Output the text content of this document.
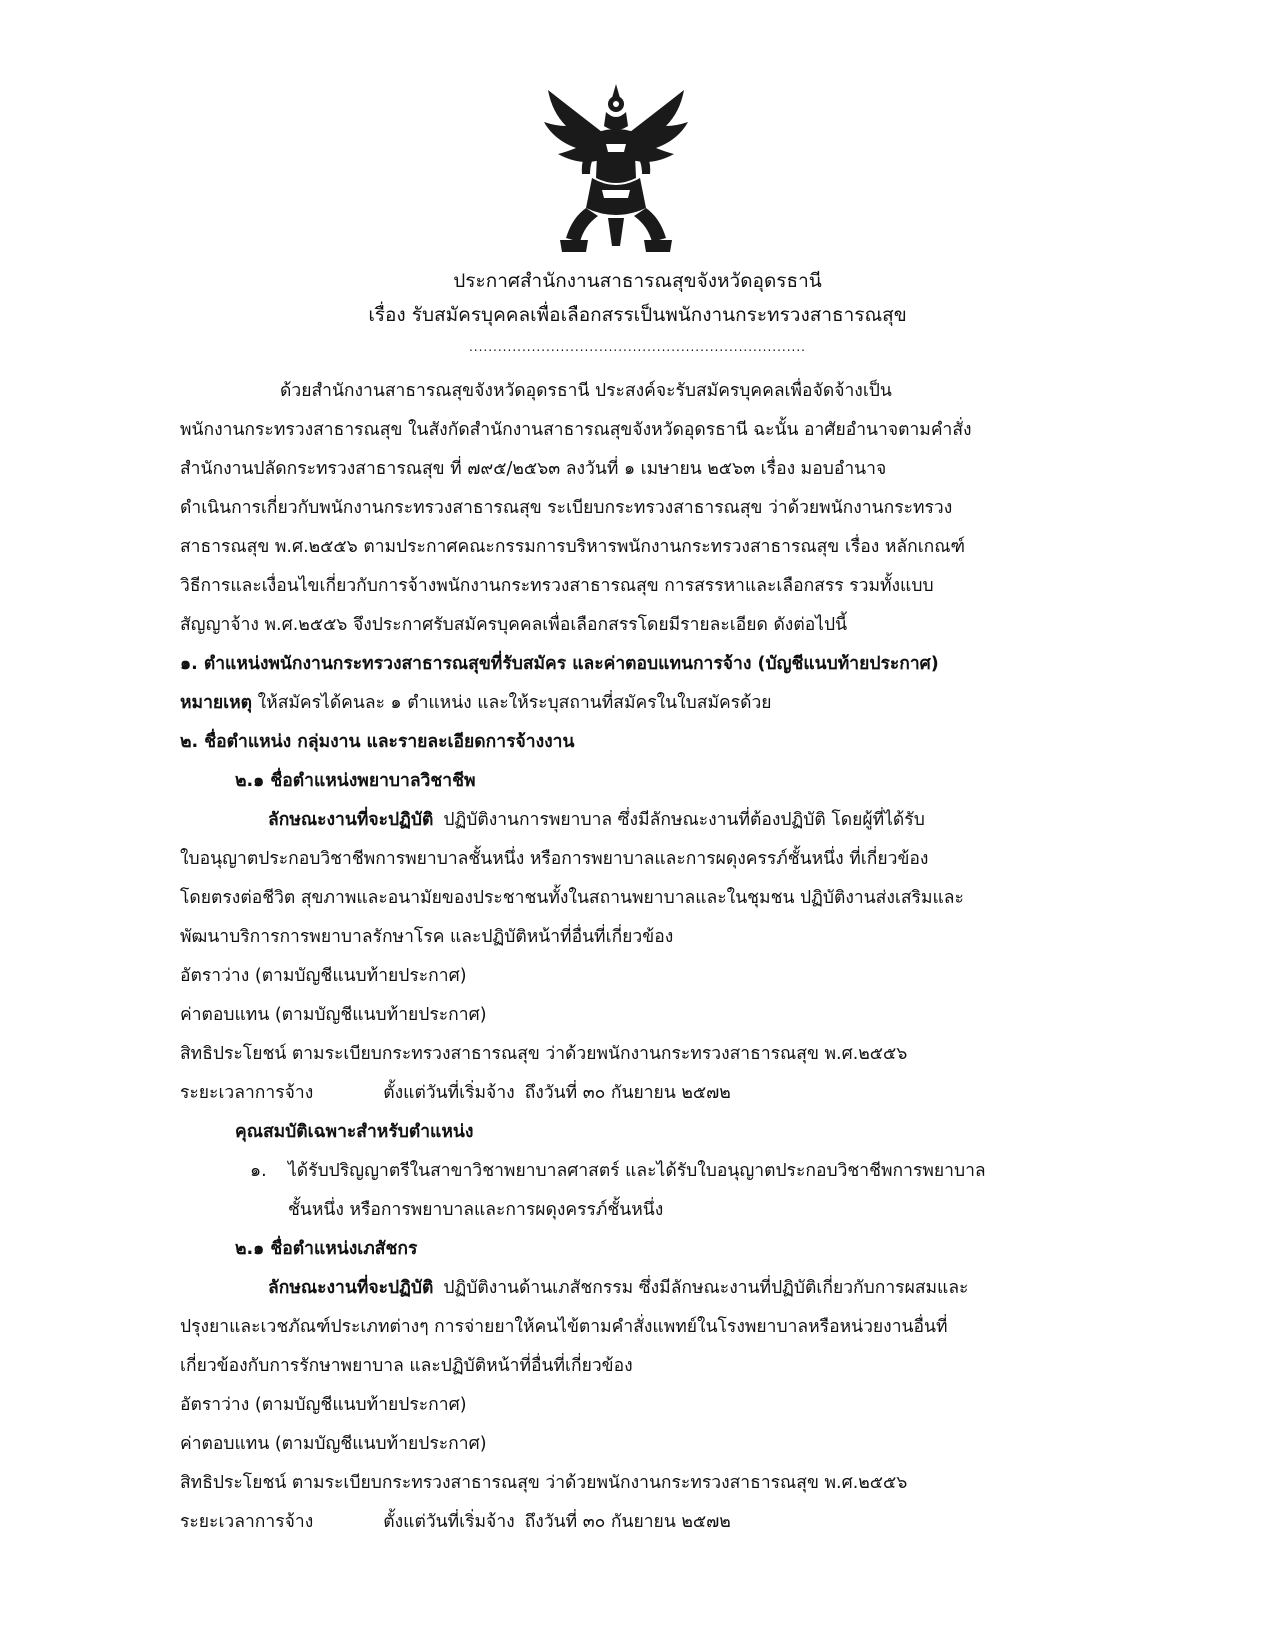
ประกาศสำนักงานสาธารณสุขจังหวัดอุดรธานี
เรื่อง รับสมัครบุคคลเพื่อเลือกสรรเป็นพนักงานกระทรวงสาธารณสุข
......................................................................
ด้วยสำนักงานสาธารณสุขจังหวัดอุดรธานี ประสงค์จะรับสมัครบุคคลเพื่อจัดจ้างเป็น
พนักงานกระทรวงสาธารณสุข ในสังกัดสำนักงานสาธารณสุขจังหวัดอุดรธานี ฉะนั้น อาศัยอำนาจตามคำสั่ง
สำนักงานปลัดกระทรวงสาธารณสุข ที่ ๗๙๕/๒๕๖๓ ลงวันที่ ๑ เมษายน ๒๕๖๓ เรื่อง มอบอำนาจ
ดำเนินการเกี่ยวกับพนักงานกระทรวงสาธารณสุข ระเบียบกระทรวงสาธารณสุข ว่าด้วยพนักงานกระทรวง
สาธารณสุข พ.ศ.๒๕๕๖ ตามประกาศคณะกรรมการบริหารพนักงานกระทรวงสาธารณสุข เรื่อง หลักเกณฑ์
วิธีการและเงื่อนไขเกี่ยวกับการจ้างพนักงานกระทรวงสาธารณสุข การสรรหาและเลือกสรร รวมทั้งแบบ
สัญญาจ้าง พ.ศ.๒๕๕๖ จึงประกาศรับสมัครบุคคลเพื่อเลือกสรรโดยมีรายละเอียด ดังต่อไปนี้
๑. ตำแหน่งพนักงานกระทรวงสาธารณสุขที่รับสมัคร และค่าตอบแทนการจ้าง (บัญชีแนบท้ายประกาศ)
หมายเหตุ ให้สมัครได้คนละ ๑ ตำแหน่ง และให้ระบุสถานที่สมัครในใบสมัครด้วย
๒. ชื่อตำแหน่ง กลุ่มงาน และรายละเอียดการจ้างงาน
๒.๑ ชื่อตำแหน่งพยาบาลวิชาชีพ
ลักษณะงานที่จะปฏิบัติ ปฏิบัติงานการพยาบาล ซึ่งมีลักษณะงานที่ต้องปฏิบัติ โดยผู้ที่ได้รับ
ใบอนุญาตประกอบวิชาชีพการพยาบาลชั้นหนึ่ง หรือการพยาบาลและการผดุงครรภ์ชั้นหนึ่ง ที่เกี่ยวข้อง
โดยตรงต่อชีวิต สุขภาพและอนามัยของประชาชนทั้งในสถานพยาบาลและในชุมชน ปฏิบัติงานส่งเสริมและ
พัฒนาบริการการพยาบาลรักษาโรค และปฏิบัติหน้าที่อื่นที่เกี่ยวข้อง
อัตราว่าง (ตามบัญชีแนบท้ายประกาศ)
ค่าตอบแทน (ตามบัญชีแนบท้ายประกาศ)
สิทธิประโยชน์ ตามระเบียบกระทรวงสาธารณสุข ว่าด้วยพนักงานกระทรวงสาธารณสุข พ.ศ.๒๕๕๖
ระยะเวลาการจ้าง	ตั้งแต่วันที่เริ่มจ้าง ถึงวันที่ ๓๐ กันยายน ๒๕๗๒
คุณสมบัติเฉพาะสำหรับตำแหน่ง
๑.	ได้รับปริญญาตรีในสาขาวิชาพยาบาลศาสตร์ และได้รับใบอนุญาตประกอบวิชาชีพการพยาบาล
ชั้นหนึ่ง หรือการพยาบาลและการผดุงครรภ์ชั้นหนึ่ง
๒.๑ ชื่อตำแหน่งเภสัชกร
ลักษณะงานที่จะปฏิบัติ ปฏิบัติงานด้านเภสัชกรรม ซึ่งมีลักษณะงานที่ปฏิบัติเกี่ยวกับการผสมและ
ปรุงยาและเวชภัณฑ์ประเภทต่างๆ การจ่ายยาให้คนไข้ตามคำสั่งแพทย์ในโรงพยาบาลหรือหน่วยงานอื่นที่
เกี่ยวข้องกับการรักษาพยาบาล และปฏิบัติหน้าที่อื่นที่เกี่ยวข้อง
อัตราว่าง (ตามบัญชีแนบท้ายประกาศ)
ค่าตอบแทน (ตามบัญชีแนบท้ายประกาศ)
สิทธิประโยชน์ ตามระเบียบกระทรวงสาธารณสุข ว่าด้วยพนักงานกระทรวงสาธารณสุข พ.ศ.๒๕๕๖
ระยะเวลาการจ้าง	ตั้งแต่วันที่เริ่มจ้าง ถึงวันที่ ๓๐ กันยายน ๒๕๗๒
